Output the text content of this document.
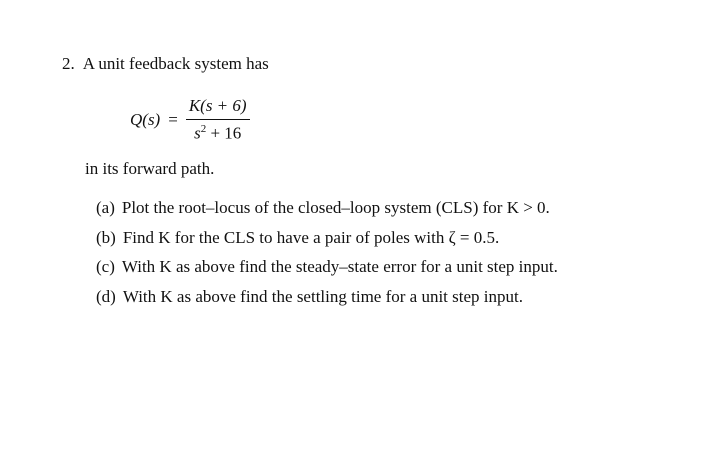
2. A unit feedback system has
$Q(s) = \frac{K(s + 6)}{s^2 + 16}$
in its forward path.
(a) Plot the root–locus of the closed–loop system (CLS) for K > 0.
(b) Find K for the CLS to have a pair of poles with ζ = 0.5.
(c) With K as above find the steady–state error for a unit step input.
(d) With K as above find the settling time for a unit step input.
